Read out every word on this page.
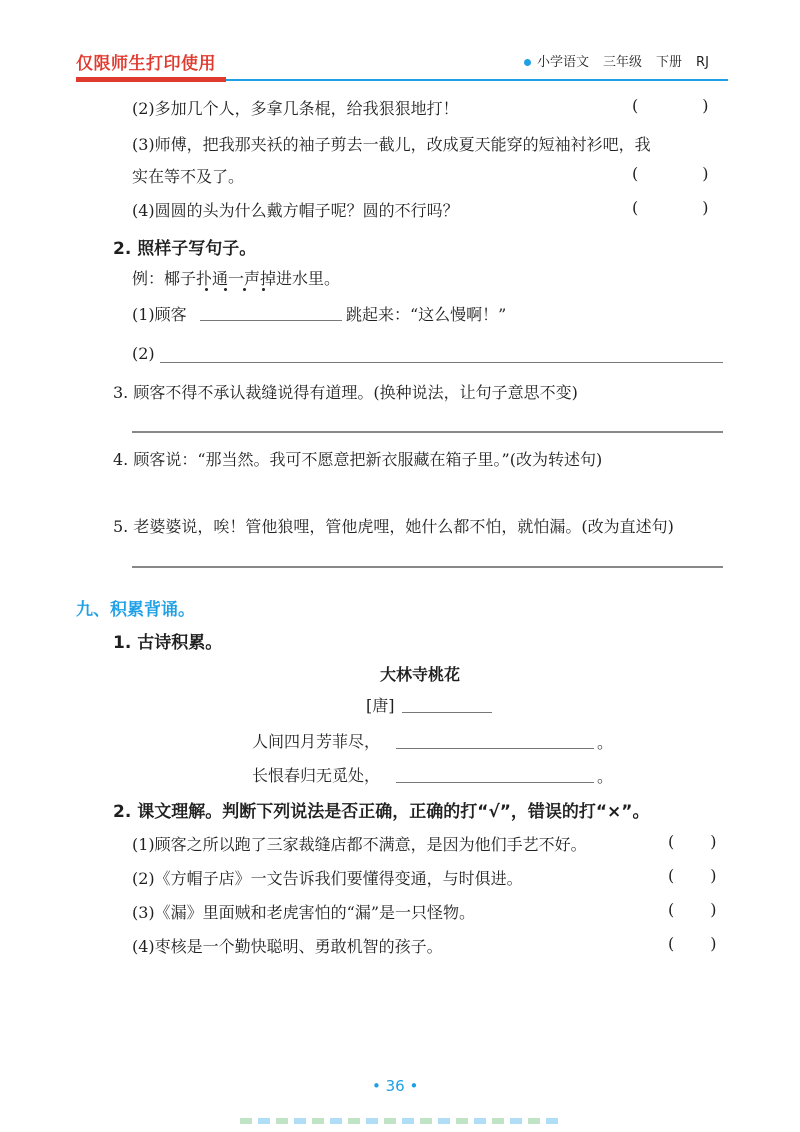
仅限师生打印使用	小学语文 三年级 下册 RJ
(2)多加几个人，多拿几条棍，给我狠狠地打！	(	)
(3)师傅，把我那夹袄的袖子剪去一截儿，改成夏天能穿的短袖衬衫吧，我
实在等不及了。	(	)
(4)圆圆的头为什么戴方帽子呢？圆的不行吗？	(	)
2. 照样子写句子。
例：椰子扑通一声掉进水里。
(1)顾客	跳起来：“这么慢啊！”
(2)
3. 顾客不得不承认裁缝说得有道理。(换种说法，让句子意思不变)
4. 顾客说：“那当然。我可不愿意把新衣服藏在箱子里。”(改为转述句)
5. 老婆婆说，唉！管他狼哩，管他虎哩，她什么都不怕，就怕漏。(改为直述句)
九、积累背诵。
1. 古诗积累。
大林寺桃花
[唐]
人间四月芳菲尽，	。
长恨春归无觅处，	。
2. 课文理解。判断下列说法是否正确，正确的打“√”，错误的打“×”。
(1)顾客之所以跑了三家裁缝店都不满意，是因为他们手艺不好。	( )
(2)《方帽子店》一文告诉我们要懂得变通，与时俱进。	( )
(3)《漏》里面贼和老虎害怕的“漏”是一只怪物。	( )
(4)枣核是一个勤快聪明、勇敢机智的孩子。	( )
• 36 •
